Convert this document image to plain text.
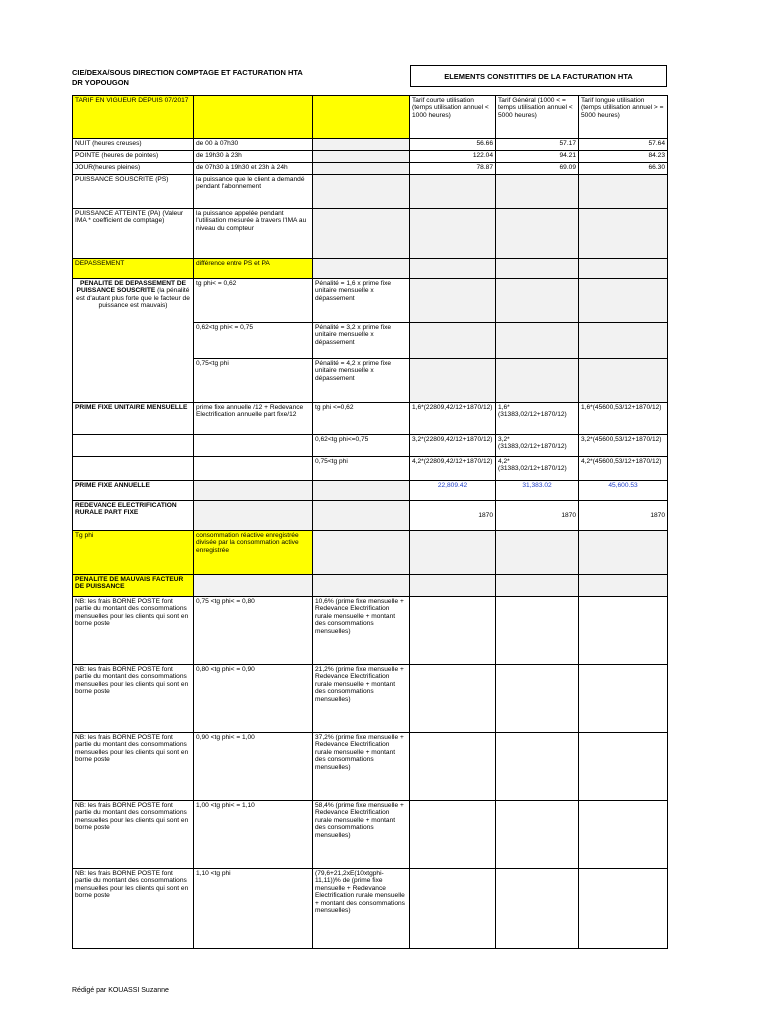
CIE/DEXA/SOUS DIRECTION COMPTAGE ET FACTURATION HTA
DR YOPOUGON
ELEMENTS CONSTITTIFS DE LA FACTURATION HTA
TARIF EN VIGUEUR DEPUIS 07/2017			Tarif courte utilisation (temps utilisation annuel < 1000 heures)	Tarif Général (1000 < = temps utilisation annuel < 5000 heures)	Tarif longue utilisation (temps utilisation annuel > = 5000 heures)
NUIT (heures creuses)	de 00 à 07h30		56.66	57.17	57.64
POINTE (heures de pointes)	de 19h30 à 23h		122.04	94.21	84.23
JOUR(heures pleines)	de 07h30 à 19h30 et 23h à 24h		78.87	69.09	66.30
PUISSANCE SOUSCRITE (PS)	la puissance que le client a demandé pendant l'abonnement				
PUISSANCE ATTEINTE (PA) (Valeur IMA * coefficient de comptage)	la puissance appelée pendant l'utilisation mesurée à travers l'IMA au niveau du compteur				
DEPASSEMENT	différence entre PS et PA				
PENALITE DE DEPASSEMENT DE PUISSANCE SOUSCRITE (la pénalité est d'autant plus forte que le facteur de puissance est mauvais)	tg phi< = 0,62	Pénalité = 1,6 x prime fixe unitaire mensuelle x dépassement			
	0,62<tg phi< = 0,75	Pénalité = 3,2 x prime fixe unitaire mensuelle x dépassement			
	0,75<tg phi	Pénalité = 4,2 x prime fixe unitaire mensuelle x dépassement			
PRIME FIXE UNITAIRE MENSUELLE	prime fixe annuelle /12 + Redevance Electrification annuelle part fixe/12	tg phi <=0,62	1,6*(22809,42/12+1870/12)	1,6*(31383,02/12+1870/12)	1,6*(45600,53/12+1870/12)
		0,62<tg phi<=0,75	3,2*(22809,42/12+1870/12)	3,2*(31383,02/12+1870/12)	3,2*(45600,53/12+1870/12)
		0,75<tg phi	4,2*(22809,42/12+1870/12)	4,2*(31383,02/12+1870/12)	4,2*(45600,53/12+1870/12)
PRIME FIXE ANNUELLE			22,809.42	31,383.02	45,600.53
REDEVANCE ELECTRIFICATION RURALE PART FIXE			1870	1870	1870
Tg phi	consommation réactive enregistrée divisée par la consommation active enregistrée				
PENALITE DE MAUVAIS FACTEUR DE PUISSANCE					
NB: les frais BORNE POSTE font partie du montant des consommations mensuelles pour les clients qui sont en borne poste	0,75 <tg phi< = 0,80	10,6% (prime fixe mensuelle + Redevance Electrification rurale mensuelle + montant des consommations mensuelles)			
NB: les frais BORNE POSTE font partie du montant des consommations mensuelles pour les clients qui sont en borne poste	0,80 <tg phi< = 0,90	21,2% (prime fixe mensuelle + Redevance Electrification rurale mensuelle + montant des consommations mensuelles)			
NB: les frais BORNE POSTE font partie du montant des consommations mensuelles pour les clients qui sont en borne poste	0,90 <tg phi< = 1,00	37,2% (prime fixe mensuelle + Redevance Electrification rurale mensuelle + montant des consommations mensuelles)			
NB: les frais BORNE POSTE font partie du montant des consommations mensuelles pour les clients qui sont en borne poste	1,00 <tg phi< = 1,10	58,4% (prime fixe mensuelle + Redevance Electrification rurale mensuelle + montant des consommations mensuelles)			
NB: les frais BORNE POSTE font partie du montant des consommations mensuelles pour les clients qui sont en borne poste	1,10 <tg phi	(79,6+21,2xE(10xtgphi-11,11))% de (prime fixe mensuelle + Redevance Electrification rurale mensuelle + montant des consommations mensuelles)			
Rédigé par KOUASSI Suzanne
